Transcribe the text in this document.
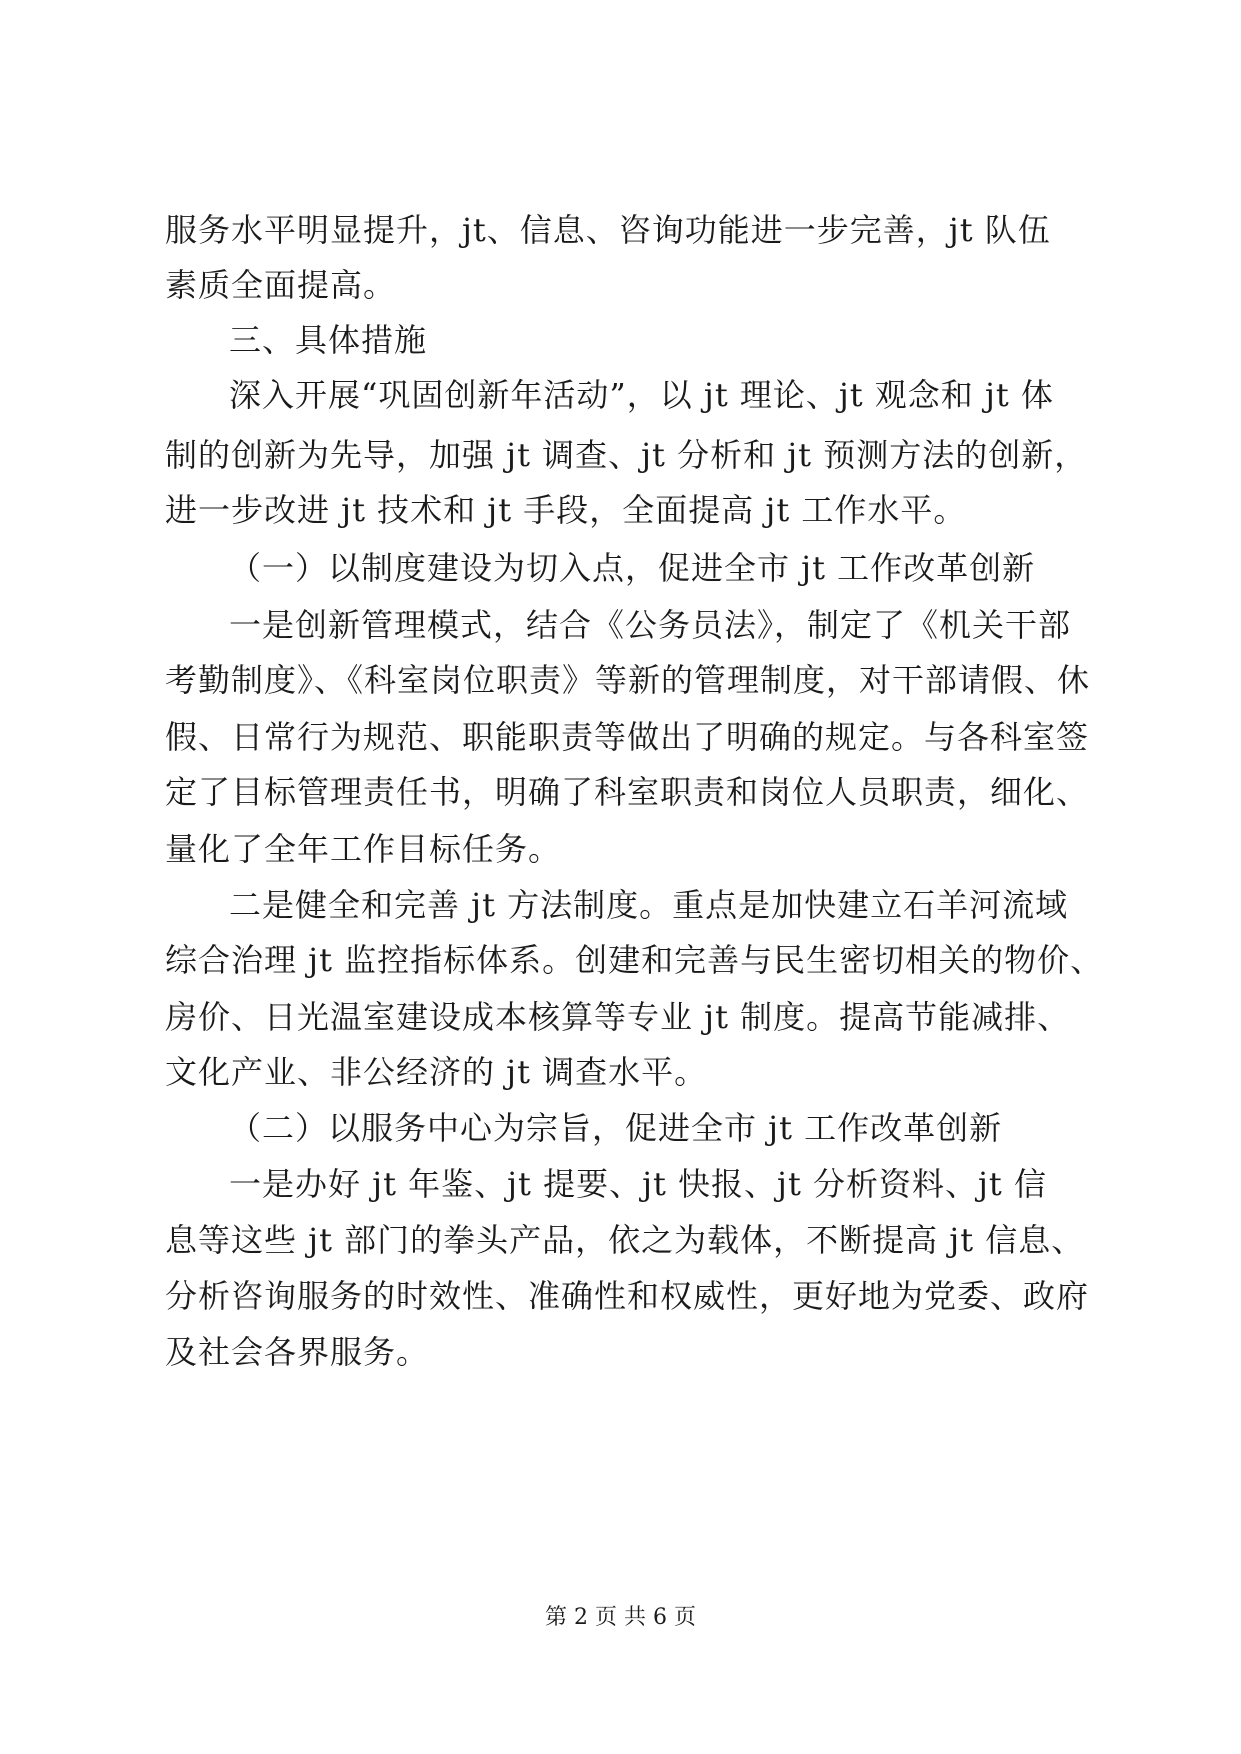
服务水平明显提升，jt、信息、咨询功能进一步完善，jt 队伍
素质全面提高。
三、具体措施
深入开展“巩固创新年活动”，以 jt 理论、jt 观念和 jt 体
制的创新为先导，加强 jt 调查、jt 分析和 jt 预测方法的创新，
进一步改进 jt 技术和 jt 手段，全面提高 jt 工作水平。
（一）以制度建设为切入点，促进全市 jt 工作改革创新
一是创新管理模式，结合《公务员法》，制定了《机关干部
考勤制度》、《科室岗位职责》等新的管理制度，对干部请假、休
假、日常行为规范、职能职责等做出了明确的规定。与各科室签
定了目标管理责任书，明确了科室职责和岗位人员职责，细化、
量化了全年工作目标任务。
二是健全和完善 jt 方法制度。重点是加快建立石羊河流域
综合治理 jt 监控指标体系。创建和完善与民生密切相关的物价、
房价、日光温室建设成本核算等专业 jt 制度。提高节能减排、
文化产业、非公经济的 jt 调查水平。
（二）以服务中心为宗旨，促进全市 jt 工作改革创新
一是办好 jt 年鉴、jt 提要、jt 快报、jt 分析资料、jt 信
息等这些 jt 部门的拳头产品，依之为载体，不断提高 jt 信息、
分析咨询服务的时效性、准确性和权威性，更好地为党委、政府
及社会各界服务。
第 2 页 共 6 页
